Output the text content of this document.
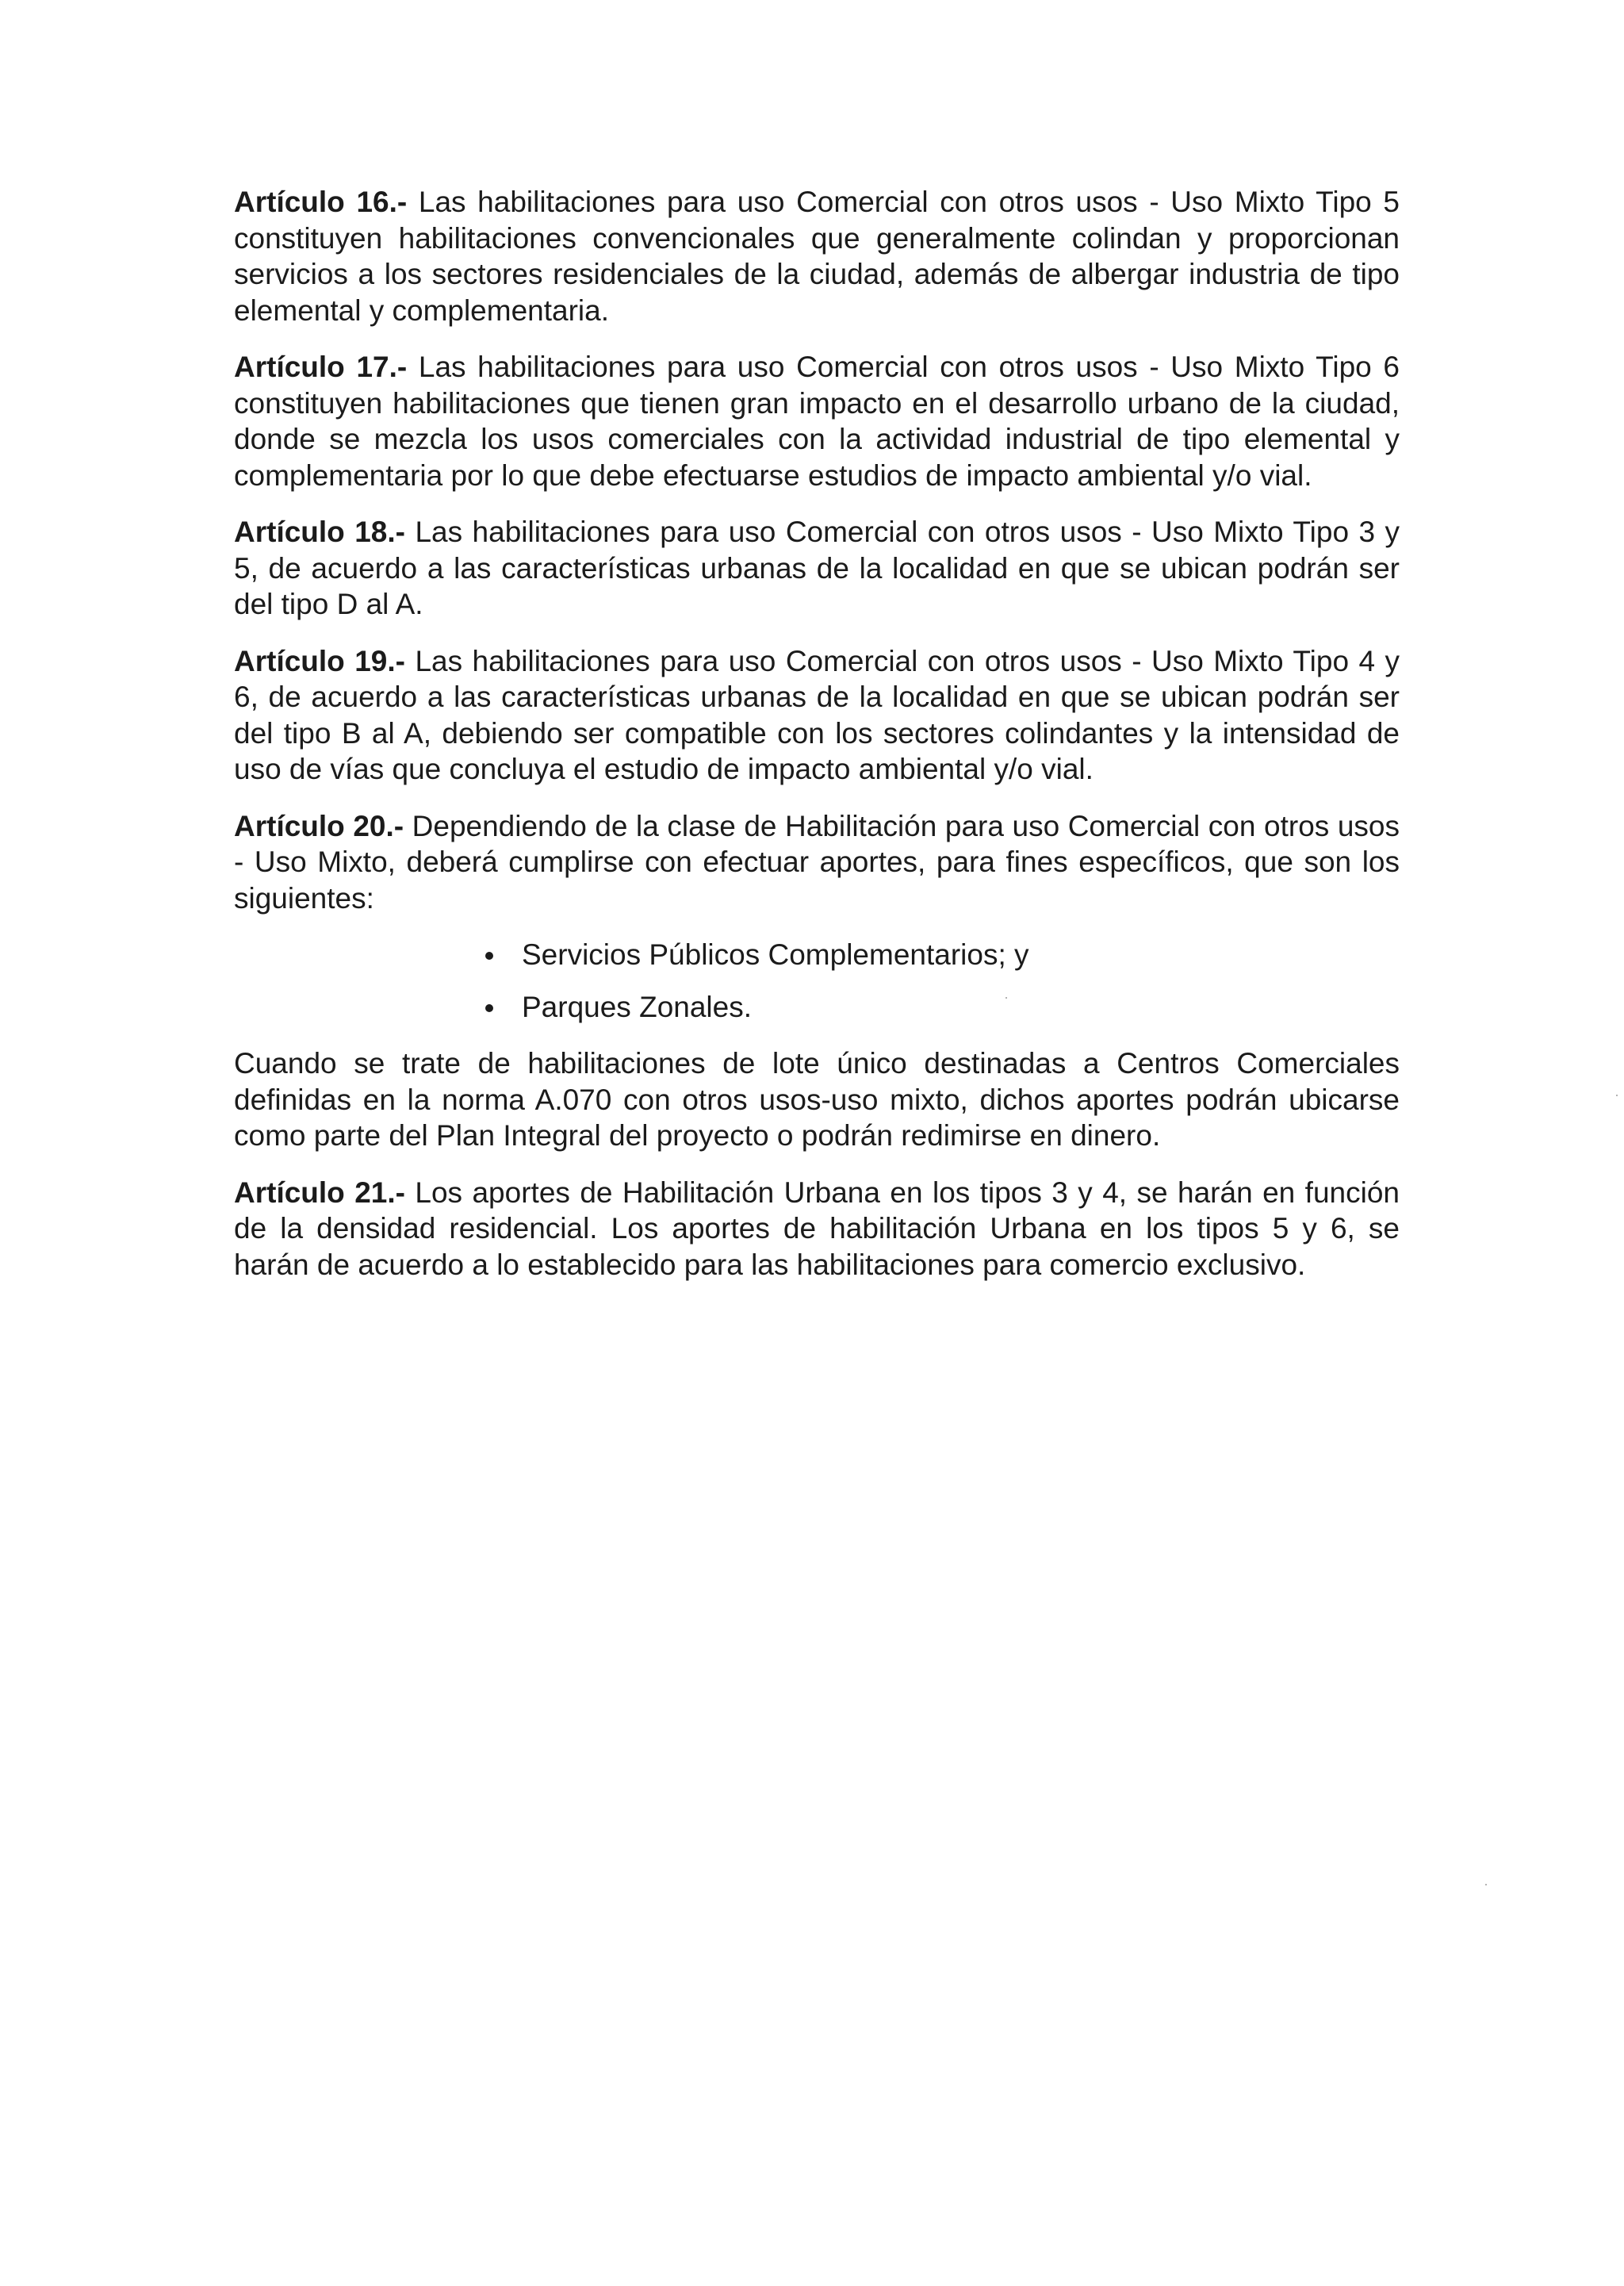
Artículo 16.- Las habilitaciones para uso Comercial con otros usos - Uso Mixto Tipo 5 constituyen habilitaciones convencionales que generalmente colindan y proporcionan servicios a los sectores residenciales de la ciudad, además de albergar industria de tipo elemental y complementaria.

Artículo 17.- Las habilitaciones para uso Comercial con otros usos - Uso Mixto Tipo 6 constituyen habilitaciones que tienen gran impacto en el desarrollo urbano de la ciudad, donde se mezcla los usos comerciales con la actividad industrial de tipo elemental y complementaria por lo que debe efectuarse estudios de impacto ambiental y/o vial.

Artículo 18.- Las habilitaciones para uso Comercial con otros usos - Uso Mixto Tipo 3 y 5, de acuerdo a las características urbanas de la localidad en que se ubican podrán ser del tipo D al A.

Artículo 19.- Las habilitaciones para uso Comercial con otros usos - Uso Mixto Tipo 4 y 6, de acuerdo a las características urbanas de la localidad en que se ubican podrán ser del tipo B al A, debiendo ser compatible con los sectores colindantes y la intensidad de uso de vías que concluya el estudio de impacto ambiental y/o vial.

Artículo 20.- Dependiendo de la clase de Habilitación para uso Comercial con otros usos - Uso Mixto, deberá cumplirse con efectuar aportes, para fines específicos, que son los siguientes:

Servicios Públicos Complementarios; y
Parques Zonales.

Cuando se trate de habilitaciones de lote único destinadas a Centros Comerciales definidas en la norma A.070 con otros usos-uso mixto, dichos aportes podrán ubicarse como parte del Plan Integral del proyecto o podrán redimirse en dinero.

Artículo 21.- Los aportes de Habilitación Urbana en los tipos 3 y 4, se harán en función de la densidad residencial. Los aportes de habilitación Urbana en los tipos 5 y 6, se harán de acuerdo a lo establecido para las habilitaciones para comercio exclusivo.
